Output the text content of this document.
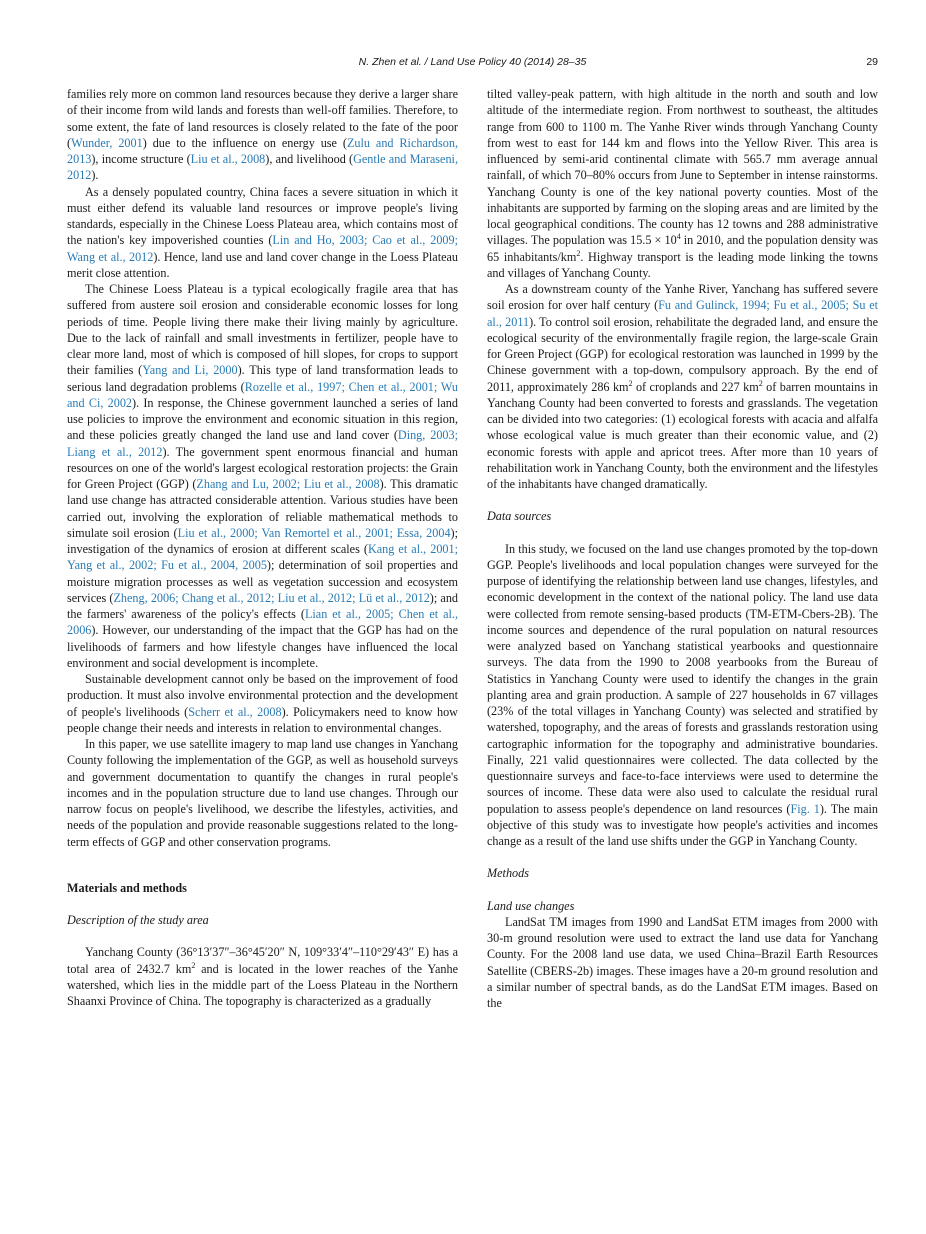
N. Zhen et al. / Land Use Policy 40 (2014) 28–35	29

families rely more on common land resources because they derive a larger share of their income from wild lands and forests than well-off families. Therefore, to some extent, the fate of land resources is closely related to the fate of the poor (Wunder, 2001) due to the influence on energy use (Zulu and Richardson, 2013), income structure (Liu et al., 2008), and livelihood (Gentle and Maraseni, 2012).

As a densely populated country, China faces a severe situation in which it must either defend its valuable land resources or improve people's living standards, especially in the Chinese Loess Plateau area, which contains most of the nation's key impoverished counties (Lin and Ho, 2003; Cao et al., 2009; Wang et al., 2012). Hence, land use and land cover change in the Loess Plateau merit close attention.

The Chinese Loess Plateau is a typical ecologically fragile area that has suffered from austere soil erosion and considerable economic losses for long periods of time. People living there make their living mainly by agriculture. Due to the lack of rainfall and small investments in fertilizer, people have to clear more land, most of which is composed of hill slopes, for crops to support their families (Yang and Li, 2000). This type of land transformation leads to serious land degradation problems (Rozelle et al., 1997; Chen et al., 2001; Wu and Ci, 2002). In response, the Chinese government launched a series of land use policies to improve the environment and economic situation in this region, and these policies greatly changed the land use and land cover (Ding, 2003; Liang et al., 2012). The government spent enormous financial and human resources on one of the world's largest ecological restoration projects: the Grain for Green Project (GGP) (Zhang and Lu, 2002; Liu et al., 2008). This dramatic land use change has attracted considerable attention. Various studies have been carried out, involving the exploration of reliable mathematical methods to simulate soil erosion (Liu et al., 2000; Van Remortel et al., 2001; Essa, 2004); investigation of the dynamics of erosion at different scales (Kang et al., 2001; Yang et al., 2002; Fu et al., 2004, 2005); determination of soil properties and moisture migration processes as well as vegetation succession and ecosystem services (Zheng, 2006; Chang et al., 2012; Liu et al., 2012; Lü et al., 2012); and the farmers' awareness of the policy's effects (Lian et al., 2005; Chen et al., 2006). However, our understanding of the impact that the GGP has had on the livelihoods of farmers and how lifestyle changes have influenced the local environment and social development is incomplete.

Sustainable development cannot only be based on the improvement of food production. It must also involve environmental protection and the development of people's livelihoods (Scherr et al., 2008). Policymakers need to know how people change their needs and interests in relation to environmental changes.

In this paper, we use satellite imagery to map land use changes in Yanchang County following the implementation of the GGP, as well as household surveys and government documentation to quantify the changes in rural people's incomes and in the population structure due to land use changes. Through our narrow focus on people's livelihood, we describe the lifestyles, activities, and needs of the population and provide reasonable suggestions related to the long-term effects of GGP and other conservation programs.

Materials and methods
Description of the study area

Yanchang County (36°13′37″–36°45′20″ N, 109°33′4″–110°29′43″ E) has a total area of 2432.7 $km^2$ and is located in the lower reaches of the Yanhe watershed, which lies in the middle part of the Loess Plateau in the Northern Shaanxi Province of China. The topography is characterized as a gradually

tilted valley-peak pattern, with high altitude in the north and south and low altitude of the intermediate region. From northwest to southeast, the altitudes range from 600 to 1100 m. The Yanhe River winds through Yanchang County from west to east for 144 km and flows into the Yellow River. This area is influenced by semi-arid continental climate with 565.7 mm average annual rainfall, of which 70–80% occurs from June to September in intense rainstorms. Yanchang County is one of the key national poverty counties. Most of the inhabitants are supported by farming on the sloping areas and are limited by the local geographical conditions. The county has 12 towns and 288 administrative villages. The population was $15.5 \times 10^4$ in 2010, and the population density was 65 inhabitants/$km^2$. Highway transport is the leading mode linking the towns and villages of Yanchang County.

As a downstream county of the Yanhe River, Yanchang has suffered severe soil erosion for over half century (Fu and Gulinck, 1994; Fu et al., 2005; Su et al., 2011). To control soil erosion, rehabilitate the degraded land, and ensure the ecological security of the environmentally fragile region, the large-scale Grain for Green Project (GGP) for ecological restoration was launched in 1999 by the Chinese government with a top-down, compulsory approach. By the end of 2011, approximately 286 $km^2$ of croplands and 227 $km^2$ of barren mountains in Yanchang County had been converted to forests and grasslands. The vegetation can be divided into two categories: (1) ecological forests with acacia and alfalfa whose ecological value is much greater than their economic value, and (2) economic forests with apple and apricot trees. After more than 10 years of rehabilitation work in Yanchang County, both the environment and the lifestyles of the inhabitants have changed dramatically.

Data sources

In this study, we focused on the land use changes promoted by the top-down GGP. People's livelihoods and local population changes were surveyed for the purpose of identifying the relationship between land use changes, lifestyles, and economic development in the context of the national policy. The land use data were collected from remote sensing-based products (TM-ETM-Cbers-2B). The income sources and dependence of the rural population on natural resources were analyzed based on Yanchang statistical yearbooks and questionnaire surveys. The data from the 1990 to 2008 yearbooks from the Bureau of Statistics in Yanchang County were used to identify the changes in the grain planting area and grain production. A sample of 227 households in 67 villages (23% of the total villages in Yanchang County) was selected and stratified by watershed, topography, and the areas of forests and grasslands restoration using cartographic information for the topography and administrative boundaries. Finally, 221 valid questionnaires were collected. The data collected by the questionnaire surveys and face-to-face interviews were used to determine the sources of income. These data were also used to calculate the residual rural population to assess people's dependence on land resources (Fig. 1). The main objective of this study was to investigate how people's activities and incomes change as a result of the land use shifts under the GGP in Yanchang County.

Methods
Land use changes

LandSat TM images from 1990 and LandSat ETM images from 2000 with 30-m ground resolution were used to extract the land use data for Yanchang County. For the 2008 land use data, we used China–Brazil Earth Resources Satellite (CBERS-2b) images. These images have a 20-m ground resolution and a similar number of spectral bands, as do the LandSat ETM images. Based on the
